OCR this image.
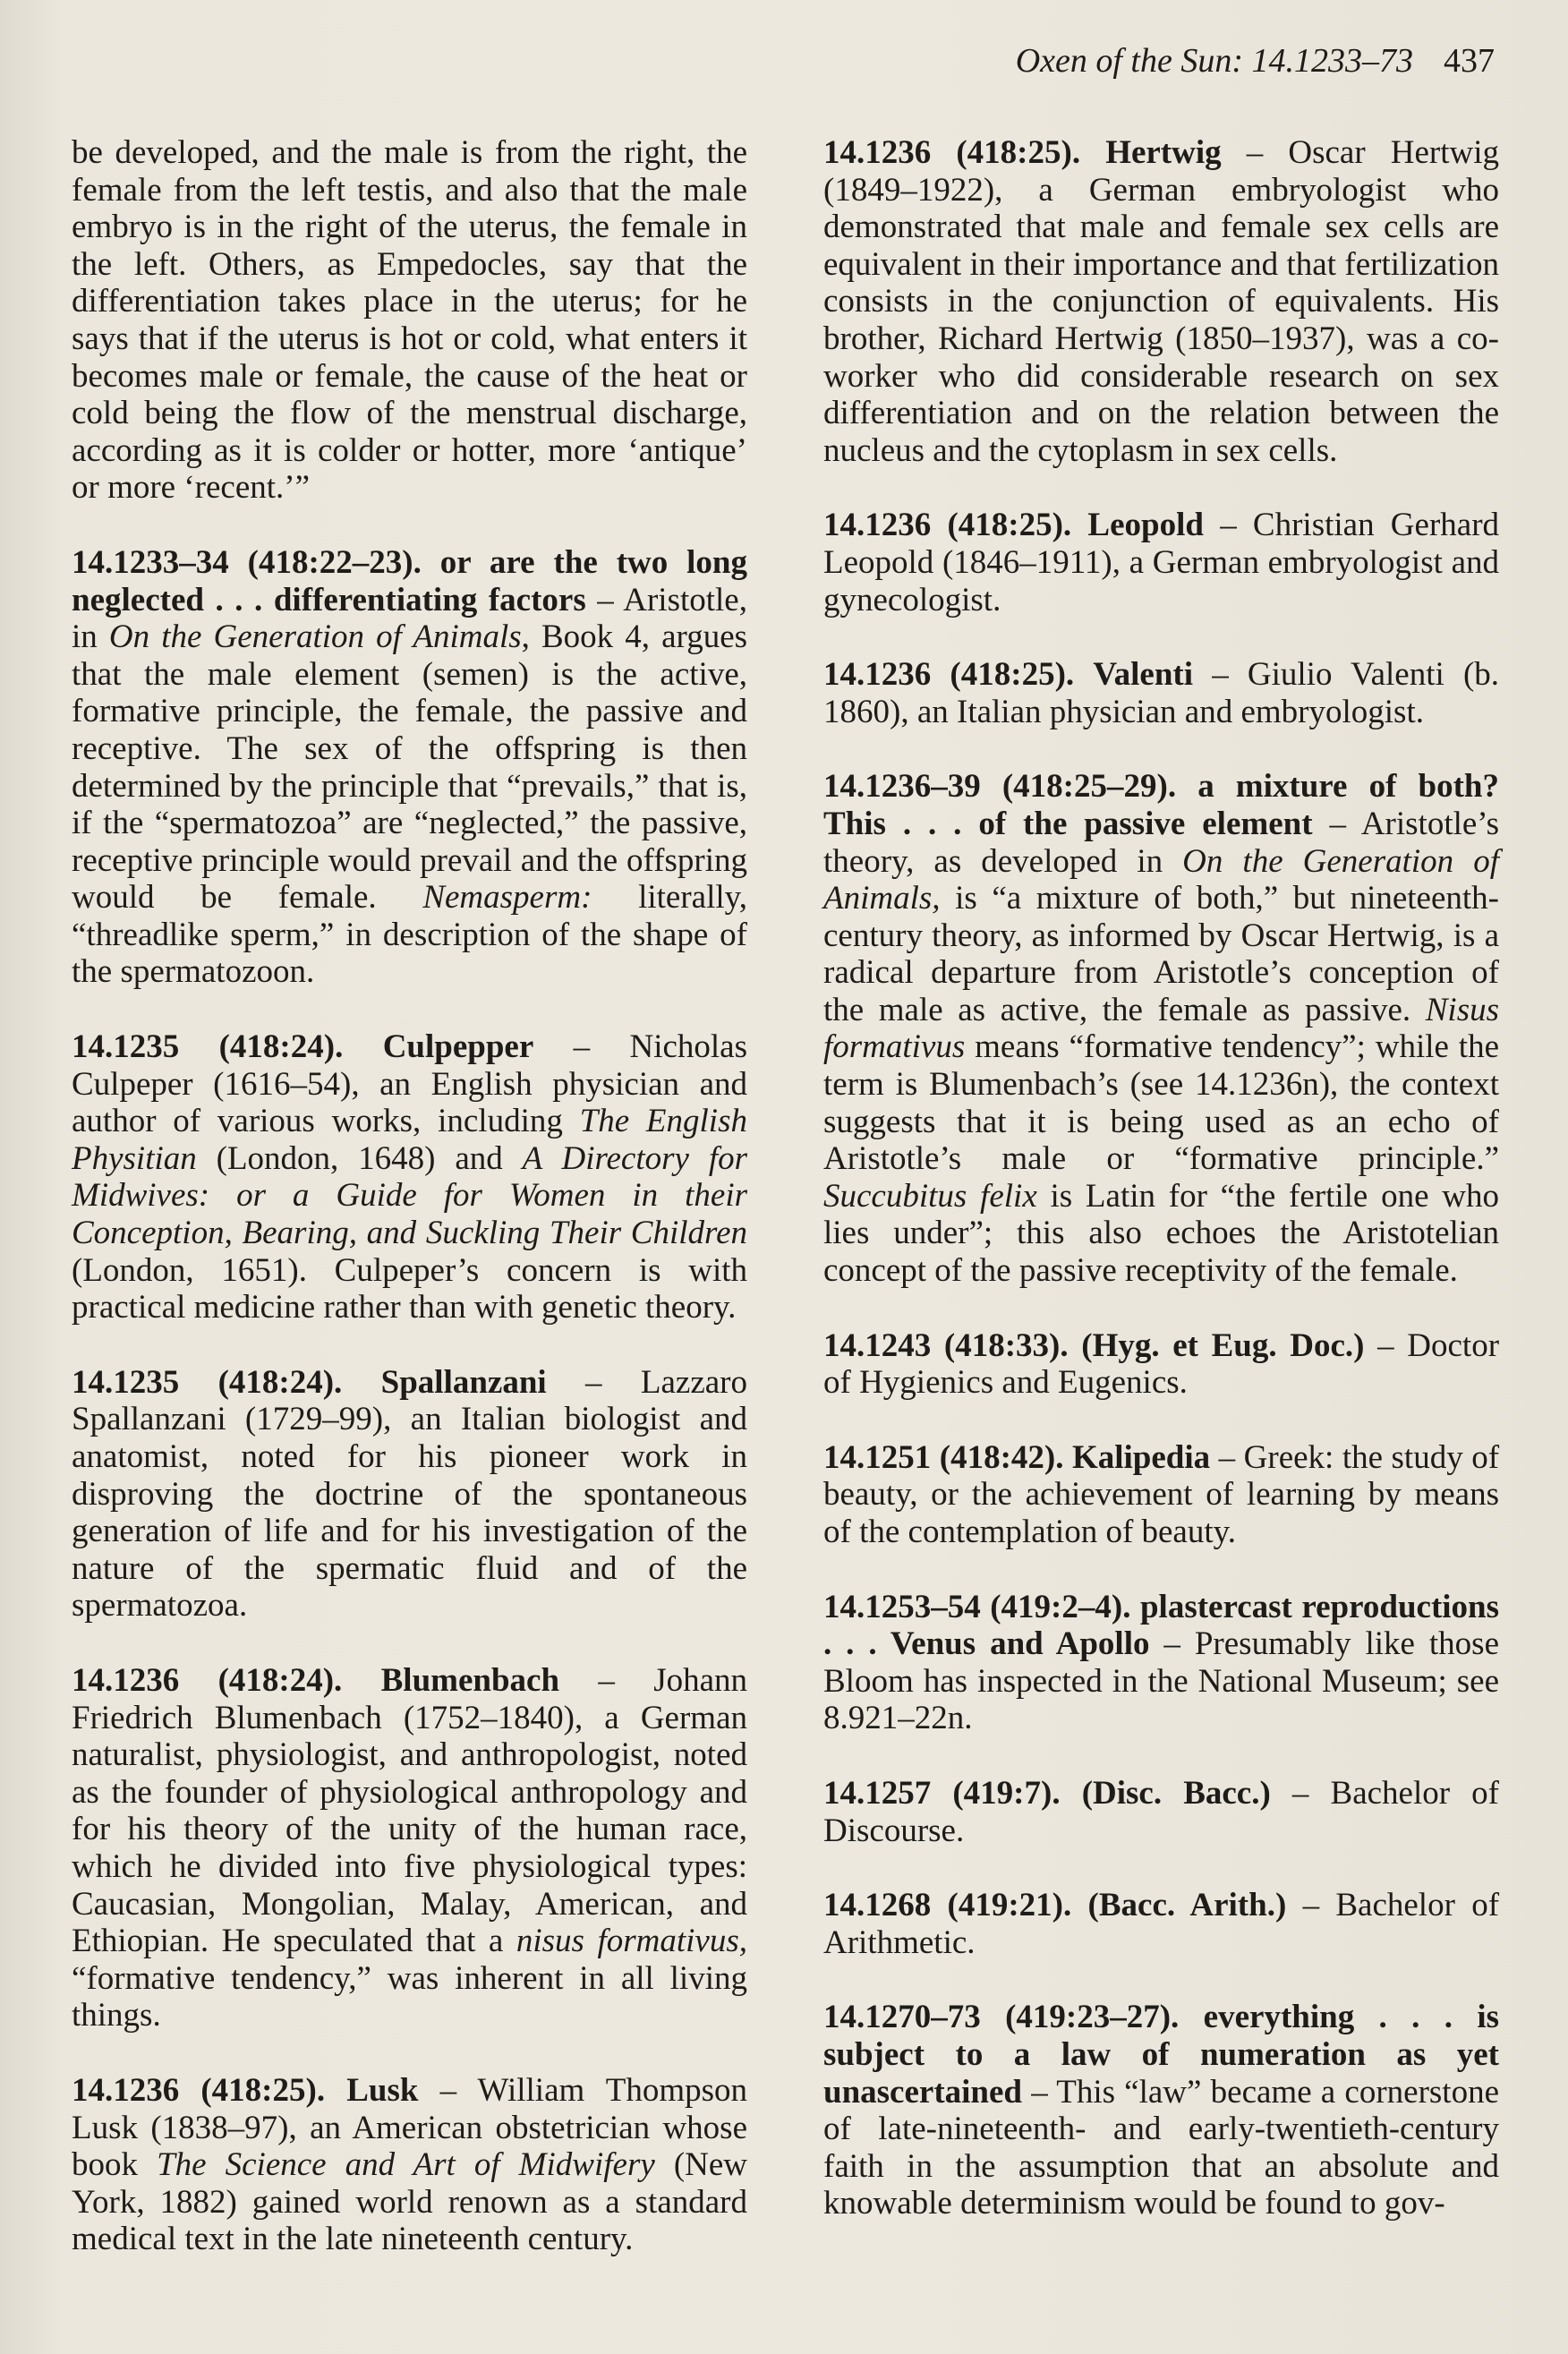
Oxen of the Sun: 14.1233–73 437

be developed, and the male is from the right, the female from the left testis, and also that the male embryo is in the right of the uterus, the female in the left. Others, as Empedocles, say that the differentiation takes place in the uterus; for he says that if the uterus is hot or cold, what enters it becomes male or female, the cause of the heat or cold being the flow of the menstrual discharge, according as it is colder or hotter, more ‘antique’ or more ‘recent.’”

14.1233–34 (418:22–23). or are the two long neglected . . . differentiating factors – Aristotle, in On the Generation of Animals, Book 4, argues that the male element (semen) is the active, formative principle, the female, the passive and receptive. The sex of the offspring is then determined by the principle that “prevails,” that is, if the “spermatozoa” are “neglected,” the passive, receptive principle would prevail and the offspring would be female. Nemasperm: literally, “threadlike sperm,” in description of the shape of the spermatozoon.

14.1235 (418:24). Culpepper – Nicholas Culpeper (1616–54), an English physician and author of various works, including The English Physitian (London, 1648) and A Directory for Midwives: or a Guide for Women in their Conception, Bearing, and Suckling Their Children (London, 1651). Culpeper’s concern is with practical medicine rather than with genetic theory.

14.1235 (418:24). Spallanzani – Lazzaro Spallanzani (1729–99), an Italian biologist and anatomist, noted for his pioneer work in disproving the doctrine of the spontaneous generation of life and for his investigation of the nature of the spermatic fluid and of the spermatozoa.

14.1236 (418:24). Blumenbach – Johann Friedrich Blumenbach (1752–1840), a German naturalist, physiologist, and anthropologist, noted as the founder of physiological anthropology and for his theory of the unity of the human race, which he divided into five physiological types: Caucasian, Mongolian, Malay, American, and Ethiopian. He speculated that a nisus formativus, “formative tendency,” was inherent in all living things.

14.1236 (418:25). Lusk – William Thompson Lusk (1838–97), an American obstetrician whose book The Science and Art of Midwifery (New York, 1882) gained world renown as a standard medical text in the late nineteenth century.

14.1236 (418:25). Hertwig – Oscar Hertwig (1849–1922), a German embryologist who demonstrated that male and female sex cells are equivalent in their importance and that fertilization consists in the conjunction of equivalents. His brother, Richard Hertwig (1850–1937), was a co-worker who did considerable research on sex differentiation and on the relation between the nucleus and the cytoplasm in sex cells.

14.1236 (418:25). Leopold – Christian Gerhard Leopold (1846–1911), a German embryologist and gynecologist.

14.1236 (418:25). Valenti – Giulio Valenti (b. 1860), an Italian physician and embryologist.

14.1236–39 (418:25–29). a mixture of both? This . . . of the passive element – Aristotle’s theory, as developed in On the Generation of Animals, is “a mixture of both,” but nineteenth-century theory, as informed by Oscar Hertwig, is a radical departure from Aristotle’s conception of the male as active, the female as passive. Nisus formativus means “formative tendency”; while the term is Blumenbach’s (see 14.1236n), the context suggests that it is being used as an echo of Aristotle’s male or “formative principle.” Succubitus felix is Latin for “the fertile one who lies under”; this also echoes the Aristotelian concept of the passive receptivity of the female.

14.1243 (418:33). (Hyg. et Eug. Doc.) – Doctor of Hygienics and Eugenics.

14.1251 (418:42). Kalipedia – Greek: the study of beauty, or the achievement of learning by means of the contemplation of beauty.

14.1253–54 (419:2–4). plastercast reproductions . . . Venus and Apollo – Presumably like those Bloom has inspected in the National Museum; see 8.921–22n.

14.1257 (419:7). (Disc. Bacc.) – Bachelor of Discourse.

14.1268 (419:21). (Bacc. Arith.) – Bachelor of Arithmetic.

14.1270–73 (419:23–27). everything . . . is subject to a law of numeration as yet unascertained – This “law” became a cornerstone of late-nineteenth- and early-twentieth-century faith in the assumption that an absolute and knowable determinism would be found to gov-
